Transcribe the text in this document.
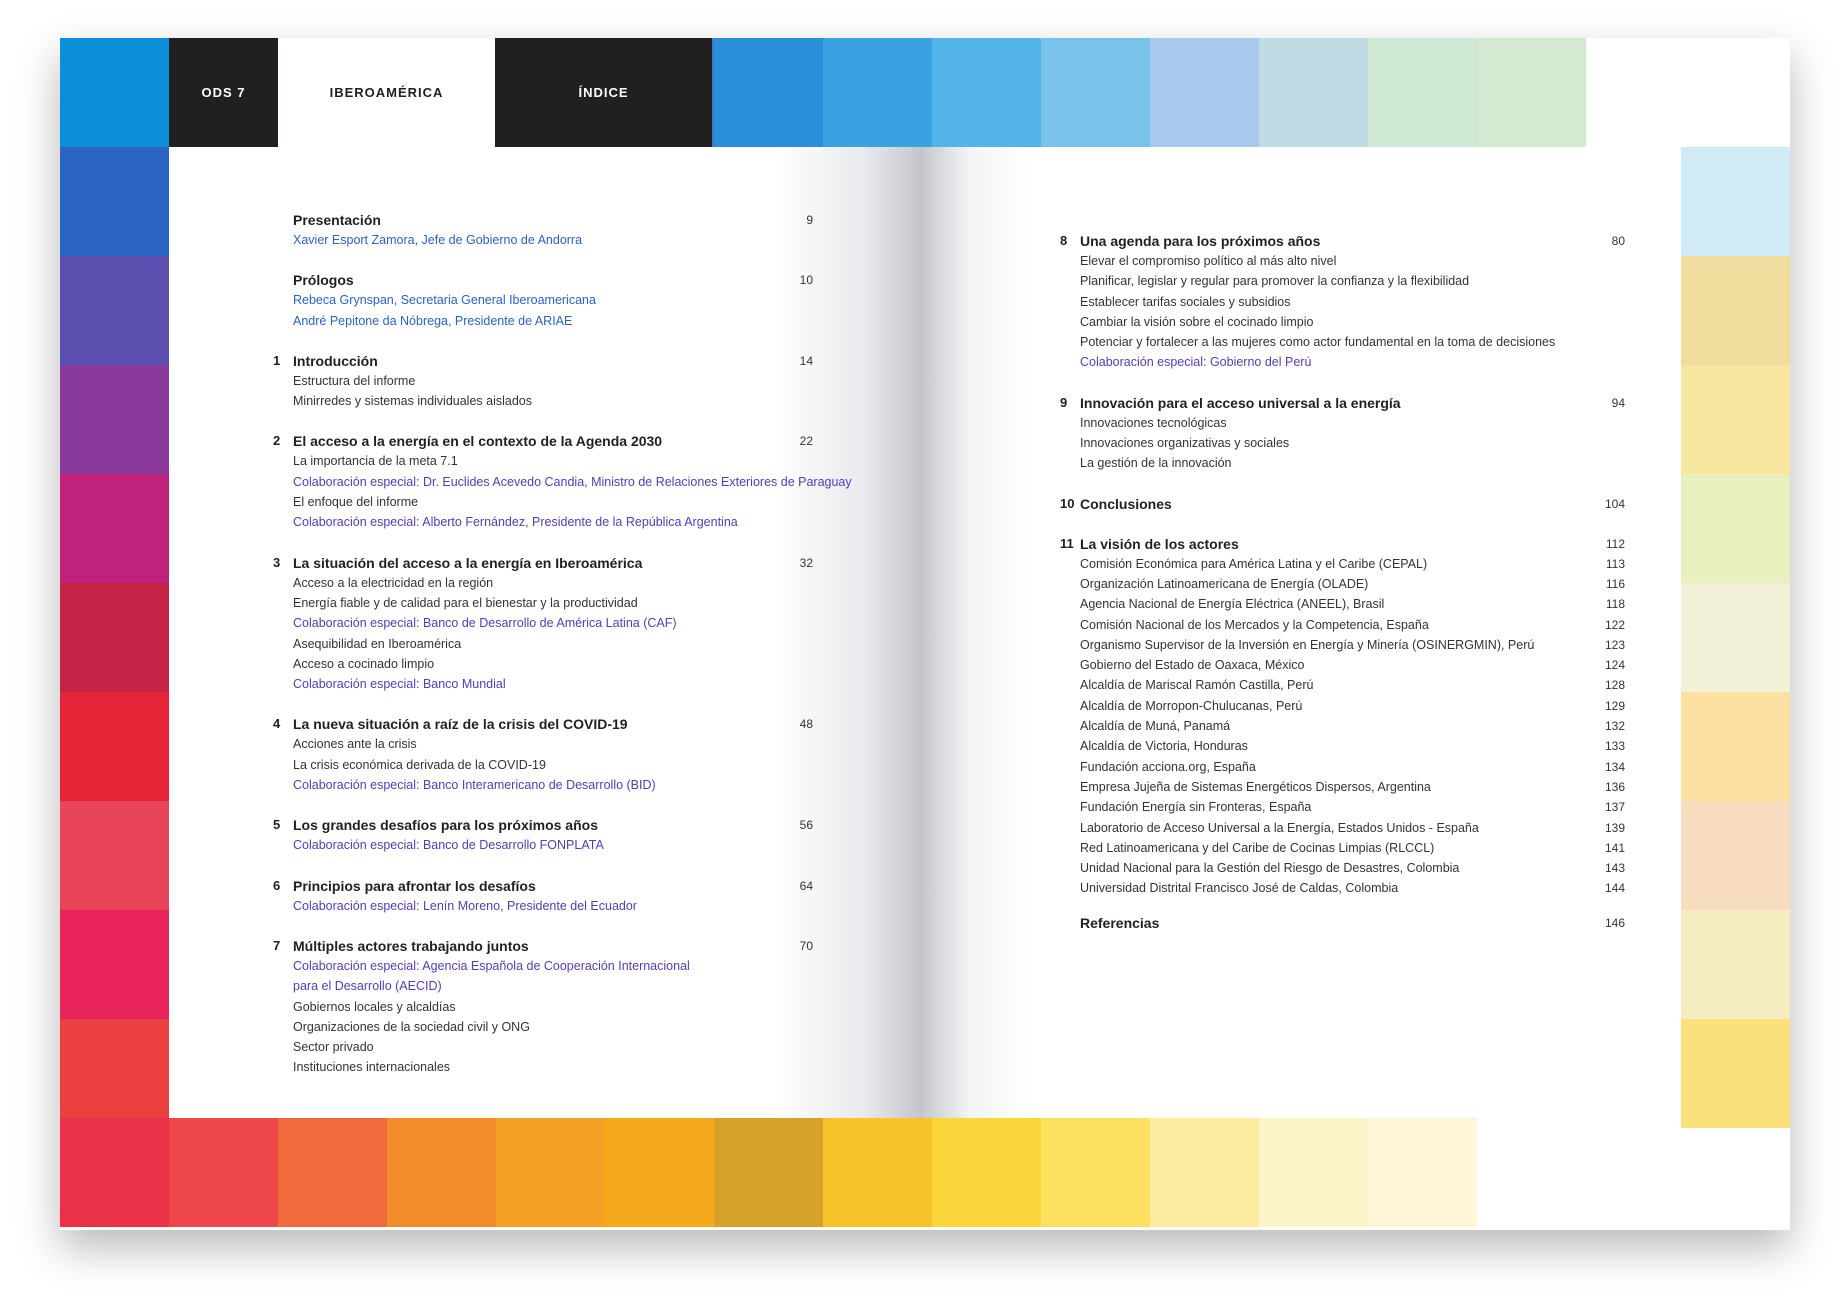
ODS 7	IBEROAMÉRICA	ÍNDICE
Presentación	9
Xavier Esport Zamora, Jefe de Gobierno de Andorra
Prólogos	10
Rebeca Grynspan, Secretaria General Iberoamericana
André Pepitone da Nóbrega, Presidente de ARIAE
1 Introducción	14
Estructura del informe
Minirredes y sistemas individuales aislados
2 El acceso a la energía en el contexto de la Agenda 2030	22
La importancia de la meta 7.1
Colaboración especial: Dr. Euclides Acevedo Candia, Ministro de Relaciones Exteriores de Paraguay
El enfoque del informe
Colaboración especial: Alberto Fernández, Presidente de la República Argentina
3 La situación del acceso a la energía en Iberoamérica	32
Acceso a la electricidad en la región
Energía fiable y de calidad para el bienestar y la productividad
Colaboración especial: Banco de Desarrollo de América Latina (CAF)
Asequibilidad en Iberoamérica
Acceso a cocinado limpio
Colaboración especial: Banco Mundial
4 La nueva situación a raíz de la crisis del COVID-19	48
Acciones ante la crisis
La crisis económica derivada de la COVID-19
Colaboración especial: Banco Interamericano de Desarrollo (BID)
5 Los grandes desafíos para los próximos años	56
Colaboración especial: Banco de Desarrollo FONPLATA
6 Principios para afrontar los desafíos	64
Colaboración especial: Lenín Moreno, Presidente del Ecuador
7 Múltiples actores trabajando juntos	70
Colaboración especial: Agencia Española de Cooperación Internacional
para el Desarrollo (AECID)
Gobiernos locales y alcaldías
Organizaciones de la sociedad civil y ONG
Sector privado
Instituciones internacionales
8 Una agenda para los próximos años	80
Elevar el compromiso político al más alto nivel
Planificar, legislar y regular para promover la confianza y la flexibilidad
Establecer tarifas sociales y subsidios
Cambiar la visión sobre el cocinado limpio
Potenciar y fortalecer a las mujeres como actor fundamental en la toma de decisiones
Colaboración especial: Gobierno del Perú
9 Innovación para el acceso universal a la energía	94
Innovaciones tecnológicas
Innovaciones organizativas y sociales
La gestión de la innovación
10 Conclusiones	104
11 La visión de los actores	112
Comisión Económica para América Latina y el Caribe (CEPAL)	113
Organización Latinoamericana de Energía (OLADE)	116
Agencia Nacional de Energía Eléctrica (ANEEL), Brasil	118
Comisión Nacional de los Mercados y la Competencia, España	122
Organismo Supervisor de la Inversión en Energía y Minería (OSINERGMIN), Perú	123
Gobierno del Estado de Oaxaca, México	124
Alcaldía de Mariscal Ramón Castilla, Perú	128
Alcaldía de Morropon-Chulucanas, Perú	129
Alcaldía de Muná, Panamá	132
Alcaldía de Victoria, Honduras	133
Fundación acciona.org, España	134
Empresa Jujeña de Sistemas Energéticos Dispersos, Argentina	136
Fundación Energía sin Fronteras, España	137
Laboratorio de Acceso Universal a la Energía, Estados Unidos - España	139
Red Latinoamericana y del Caribe de Cocinas Limpias (RLCCL)	141
Unidad Nacional para la Gestión del Riesgo de Desastres, Colombia	143
Universidad Distrital Francisco José de Caldas, Colombia	144
Referencias	146
